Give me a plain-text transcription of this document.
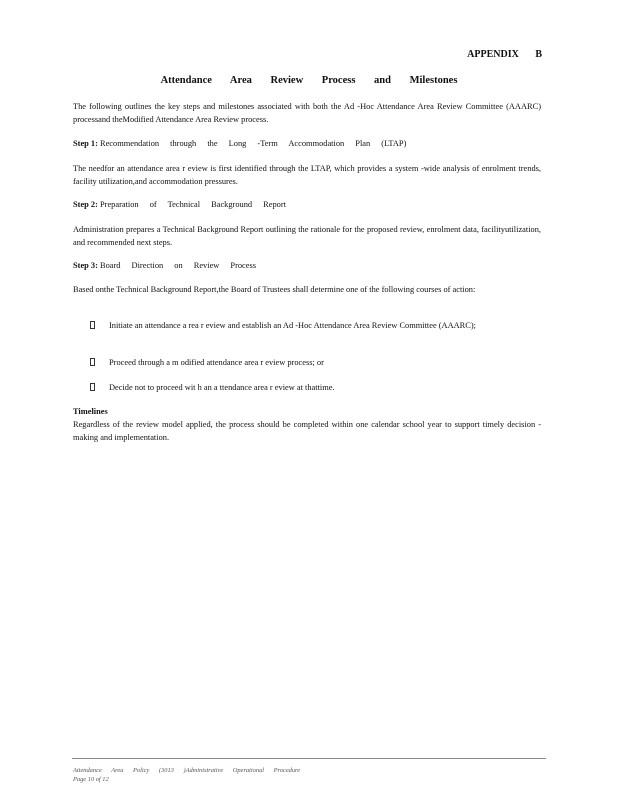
APPENDIX B
Attendance Area Review Process and Milestones
The following outlines the key steps and milestones associated with both the Ad -Hoc Attendance Area Review Committee (AAARC) processand theModified Attendance Area Review process.
Step 1: Recommendation through the Long -Term Accommodation Plan (LTAP)
The needfor an attendance area r eview is first identified through the LTAP, which provides a system -wide analysis of enrolment trends, facility utilization,and accommodation pressures.
Step 2: Preparation of Technical Background Report
Administration prepares a Technical Background Report outlining the rationale for the proposed review, enrolment data, facilityutilization, and recommended next steps.
Step 3: Board Direction on Review Process
Based onthe Technical Background Report,the Board of Trustees shall determine one of the following courses of action:
Initiate an attendance a rea r eview and establish an Ad -Hoc Attendance Area Review Committee (AAARC);
Proceed through a m odified attendance area r eview process; or
Decide not to proceed wit h an a ttendance area r eview at thattime.
Timelines
Regardless of the review model applied, the process should be completed within one calendar school year to support timely decision -making and implementation.
Attendance Area Policy (3013 )Administrative Operational Procedure
Page 10 of 12
